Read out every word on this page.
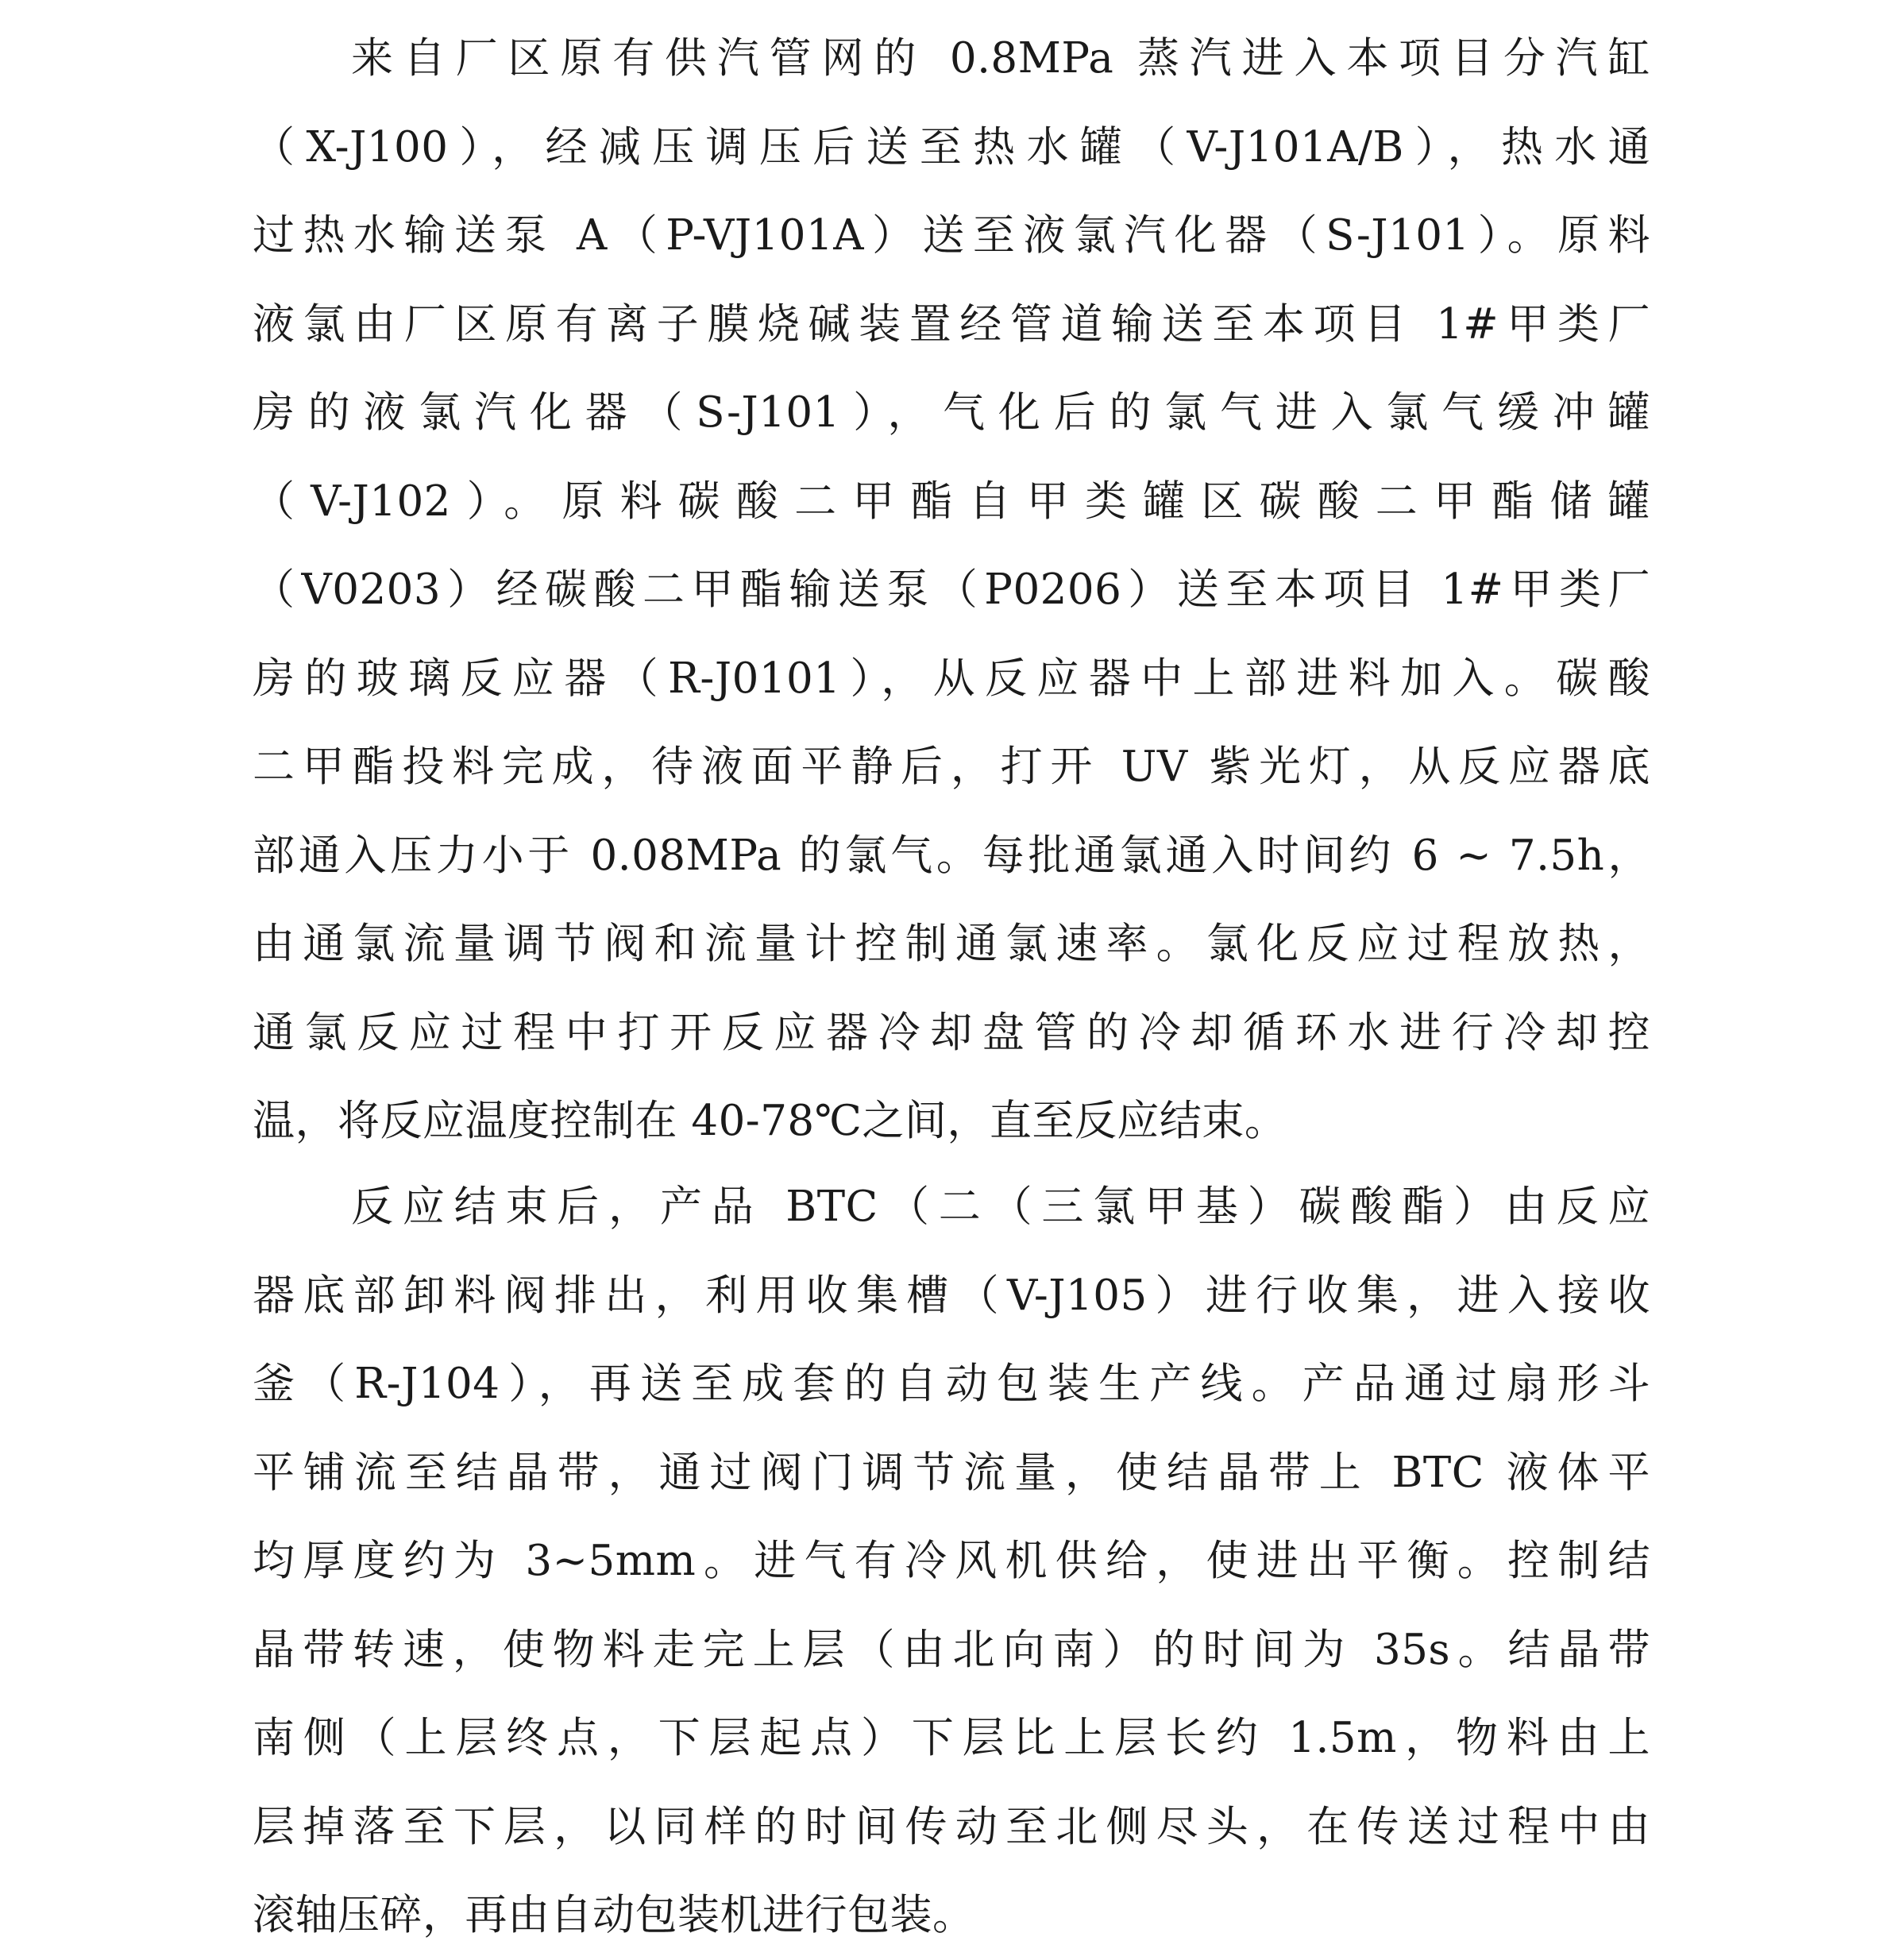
来自厂区原有供汽管网的 0.8MPa 蒸汽进入本项目分汽缸
（X-J100），经减压调压后送至热水罐（V-J101A/B），热水通
过热水输送泵 A（P-VJ101A）送至液氯汽化器（S-J101）。原料
液氯由厂区原有离子膜烧碱装置经管道输送至本项目 1#甲类厂
房的液氯汽化器（S-J101），气化后的氯气进入氯气缓冲罐
（V-J102）。原料碳酸二甲酯自甲类罐区碳酸二甲酯储罐
（V0203）经碳酸二甲酯输送泵（P0206）送至本项目 1#甲类厂
房的玻璃反应器（R-J0101），从反应器中上部进料加入。碳酸
二甲酯投料完成，待液面平静后，打开 UV 紫光灯，从反应器底
部通入压力小于 0.08MPa 的氯气。每批通氯通入时间约 6 ~ 7.5h，
由通氯流量调节阀和流量计控制通氯速率。氯化反应过程放热，
通氯反应过程中打开反应器冷却盘管的冷却循环水进行冷却控
温，将反应温度控制在 40-78℃之间，直至反应结束。
反应结束后，产品 BTC（二（三氯甲基）碳酸酯）由反应
器底部卸料阀排出，利用收集槽（V-J105）进行收集，进入接收
釜（R-J104），再送至成套的自动包装生产线。产品通过扇形斗
平铺流至结晶带，通过阀门调节流量，使结晶带上 BTC 液体平
均厚度约为 3~5mm。进气有冷风机供给，使进出平衡。控制结
晶带转速，使物料走完上层（由北向南）的时间为 35s。结晶带
南侧（上层终点，下层起点）下层比上层长约 1.5m，物料由上
层掉落至下层，以同样的时间传动至北侧尽头，在传送过程中由
滚轴压碎，再由自动包装机进行包装。
